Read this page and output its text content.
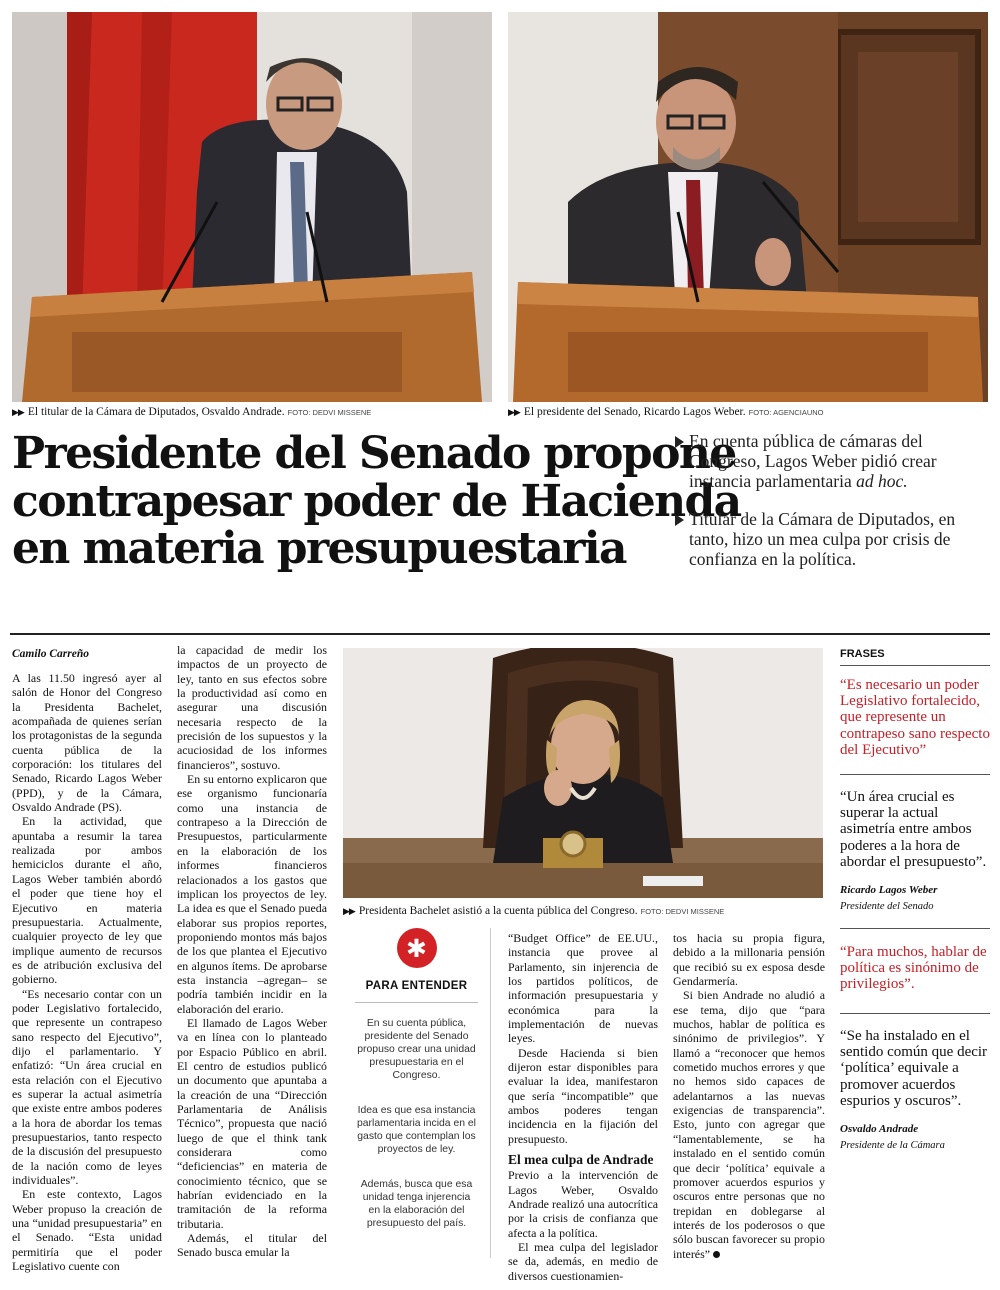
▶▶ El titular de la Cámara de Diputados, Osvaldo Andrade. FOTO: DEDVI MISSENE	▶▶ El presidente del Senado, Ricardo Lagos Weber. FOTO: AGENCIAUNO
Presidente del Senado propone
contrapesar poder de Hacienda
en materia presupuestaria
En cuenta pública de cámaras del Congreso, Lagos Weber pidió crear instancia parlamentaria ad hoc.
Titular de la Cámara de Diputados, en tanto, hizo un mea culpa por crisis de confianza en la política.
Camilo Carreño

A las 11.50 ingresó ayer al salón de Honor del Congreso la Presidenta Bachelet, acompañada de quienes serían los protagonistas de la segunda cuenta pública de la corporación: los titulares del Senado, Ricardo Lagos Weber (PPD), y de la Cámara, Osvaldo Andrade (PS).

En la actividad, que apuntaba a resumir la tarea realizada por ambos hemiciclos durante el año, Lagos Weber también abordó el poder que tiene hoy el Ejecutivo en materia presupuestaria. Actualmente, cualquier proyecto de ley que implique aumento de recursos es de atribución exclusiva del gobierno.

“Es necesario contar con un poder Legislativo fortalecido, que represente un contrapeso sano respecto del Ejecutivo”, dijo el parlamentario. Y enfatizó: “Un área crucial en esta relación con el Ejecutivo es superar la actual asimetría que existe entre ambos poderes a la hora de abordar los temas presupuestarios, tanto respecto de la discusión del presupuesto de la nación como de leyes individuales”.

En este contexto, Lagos Weber propuso la creación de una “unidad presupuestaria” en el Senado. “Esta unidad permitiría que el poder Legislativo cuente con

la capacidad de medir los impactos de un proyecto de ley, tanto en sus efectos sobre la productividad así como en asegurar una discusión necesaria respecto de la precisión de los supuestos y la acuciosidad de los informes financieros”, sostuvo.

En su entorno explicaron que ese organismo funcionaría como una instancia de contrapeso a la Dirección de Presupuestos, particularmente en la elaboración de los informes financieros relacionados a los gastos que implican los proyectos de ley. La idea es que el Senado pueda elaborar sus propios reportes, proponiendo montos más bajos de los que plantea el Ejecutivo en algunos ítems. De aprobarse esta instancia –agregan– se podría también incidir en la elaboración del erario.

El llamado de Lagos Weber va en línea con lo planteado por Espacio Público en abril. El centro de estudios publicó un documento que apuntaba a la creación de una “Dirección Parlamentaria de Análisis Técnico”, propuesta que nació luego de que el think tank considerara como “deficiencias” en materia de conocimiento técnico, que se habrían evidenciado en la tramitación de la reforma tributaria.

Además, el titular del Senado busca emular la

▶▶ Presidenta Bachelet asistió a la cuenta pública del Congreso. FOTO: DEDVI MISSENE
✱
PARA ENTENDER
En su cuenta pública, presidente del Senado propuso crear una unidad presupuestaria en el Congreso.
Idea es que esa instancia parlamentaria incida en el gasto que contemplan los proyectos de ley.
Además, busca que esa unidad tenga injerencia en la elaboración del presupuesto del país.

“Budget Office” de EE.UU., instancia que provee al Parlamento, sin injerencia de los partidos políticos, de información presupuestaria y económica para la implementación de nuevas leyes.

Desde Hacienda si bien dijeron estar disponibles para evaluar la idea, manifestaron que sería “incompatible” que ambos poderes tengan incidencia en la fijación del presupuesto.

El mea culpa de Andrade

Previo a la intervención de Lagos Weber, Osvaldo Andrade realizó una autocrítica por la crisis de confianza que afecta a la política.

El mea culpa del legislador se da, además, en medio de diversos cuestionamien-

tos hacia su propia figura, debido a la millonaria pensión que recibió su ex esposa desde Gendarmería.

Si bien Andrade no aludió a ese tema, dijo que “para muchos, hablar de política es sinónimo de privilegios”. Y llamó a “reconocer que hemos cometido muchos errores y que no hemos sido capaces de adelantarnos a las nuevas exigencias de transparencia”. Esto, junto con agregar que “lamentablemente, se ha instalado en el sentido común que decir ‘política’ equivale a promover acuerdos espurios y oscuros entre personas que no trepidan en doblegarse al interés de los poderosos o que sólo buscan favorecer su propio interés”

FRASES
“Es necesario un poder Legislativo fortalecido, que represente un contrapeso sano respecto del Ejecutivo”
“Un área crucial es superar la actual asimetría entre ambos poderes a la hora de abordar el presupuesto”.
Ricardo Lagos Weber
Presidente del Senado
“Para muchos, hablar de política es sinónimo de privilegios”.
“Se ha instalado en el sentido común que decir ‘política’ equivale a promover acuerdos espurios y oscuros”.
Osvaldo Andrade
Presidente de la Cámara
